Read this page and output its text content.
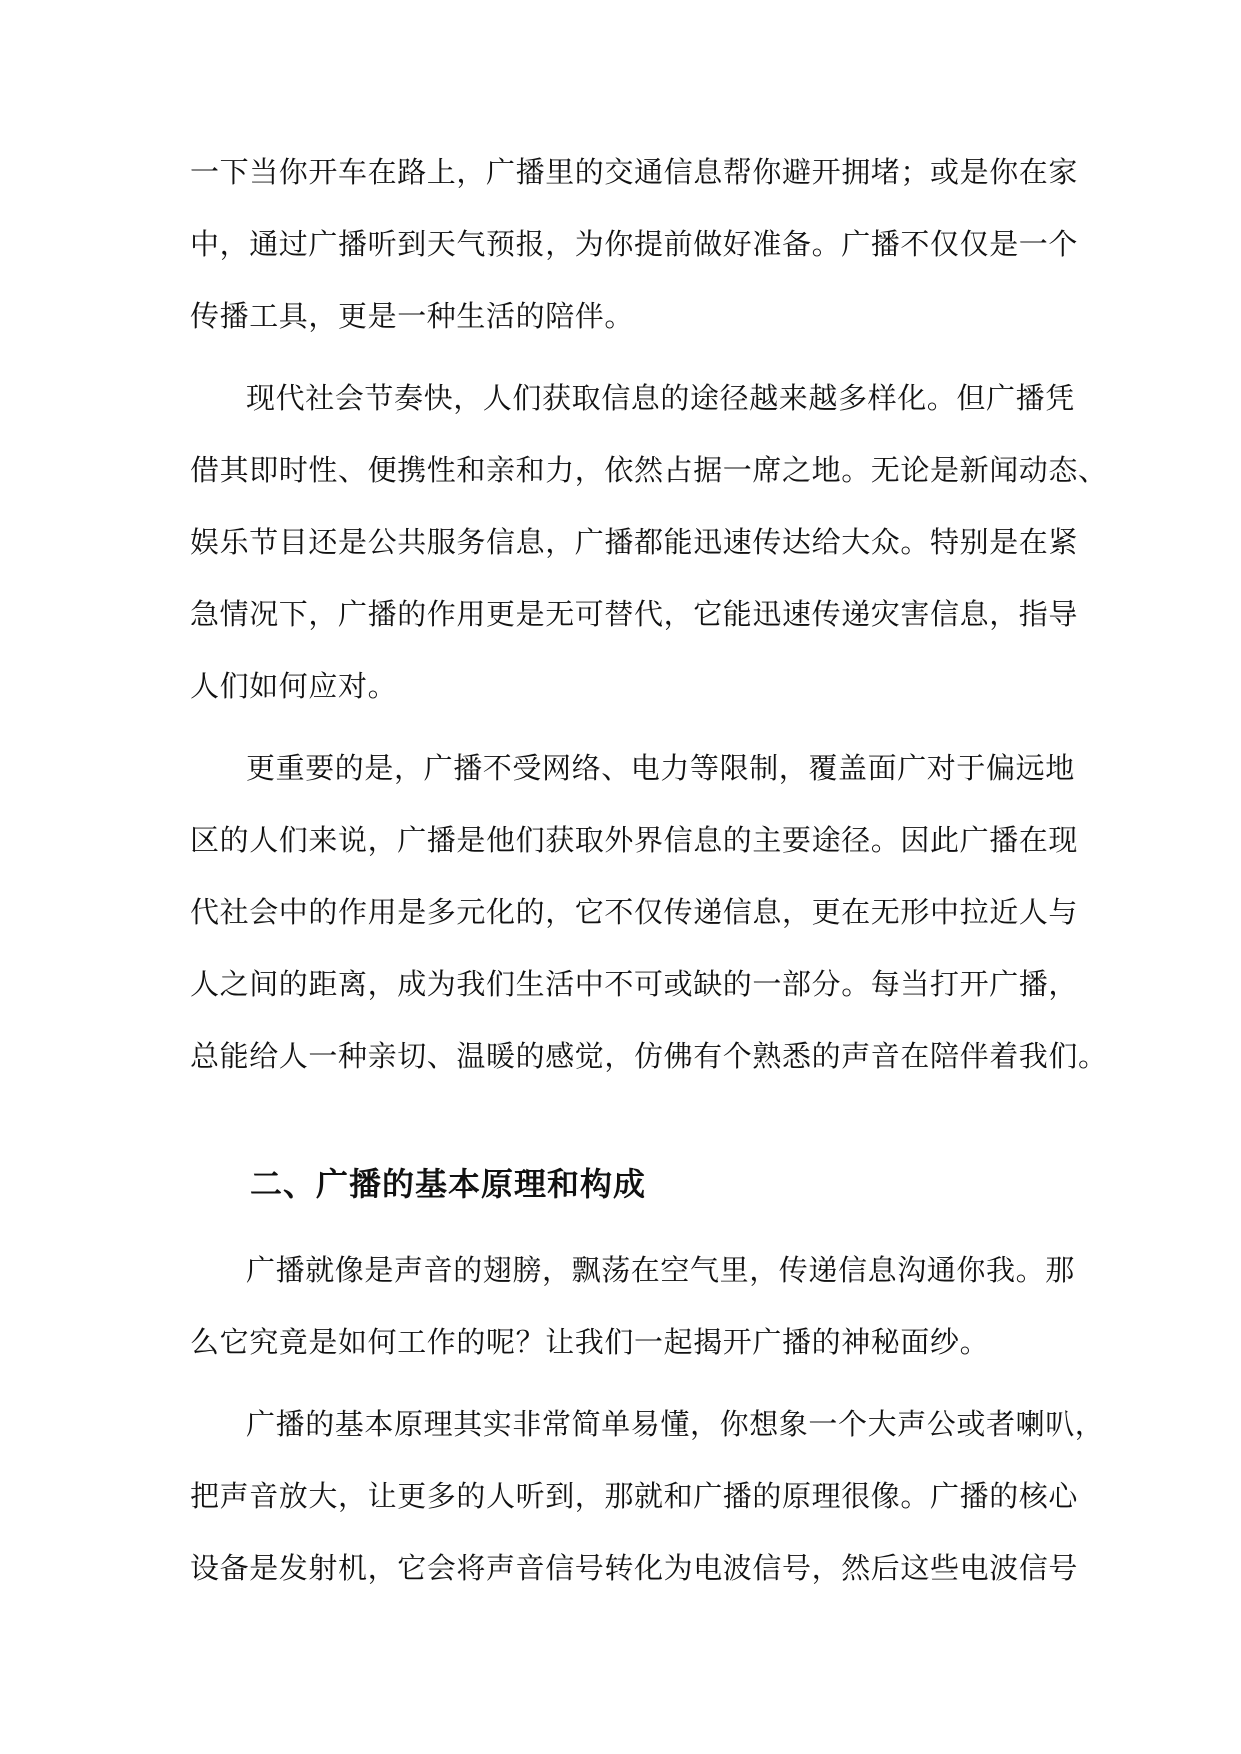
一下当你开车在路上，广播里的交通信息帮你避开拥堵；或是你在家
中，通过广播听到天气预报，为你提前做好准备。广播不仅仅是一个
传播工具，更是一种生活的陪伴。
现代社会节奏快，人们获取信息的途径越来越多样化。但广播凭
借其即时性、便携性和亲和力，依然占据一席之地。无论是新闻动态、
娱乐节目还是公共服务信息，广播都能迅速传达给大众。特别是在紧
急情况下，广播的作用更是无可替代，它能迅速传递灾害信息，指导
人们如何应对。
更重要的是，广播不受网络、电力等限制，覆盖面广对于偏远地
区的人们来说，广播是他们获取外界信息的主要途径。因此广播在现
代社会中的作用是多元化的，它不仅传递信息，更在无形中拉近人与
人之间的距离，成为我们生活中不可或缺的一部分。每当打开广播，
总能给人一种亲切、温暖的感觉，仿佛有个熟悉的声音在陪伴着我们。
二、广播的基本原理和构成
广播就像是声音的翅膀，飘荡在空气里，传递信息沟通你我。那
么它究竟是如何工作的呢？让我们一起揭开广播的神秘面纱。
广播的基本原理其实非常简单易懂，你想象一个大声公或者喇叭，
把声音放大，让更多的人听到，那就和广播的原理很像。广播的核心
设备是发射机，它会将声音信号转化为电波信号，然后这些电波信号
